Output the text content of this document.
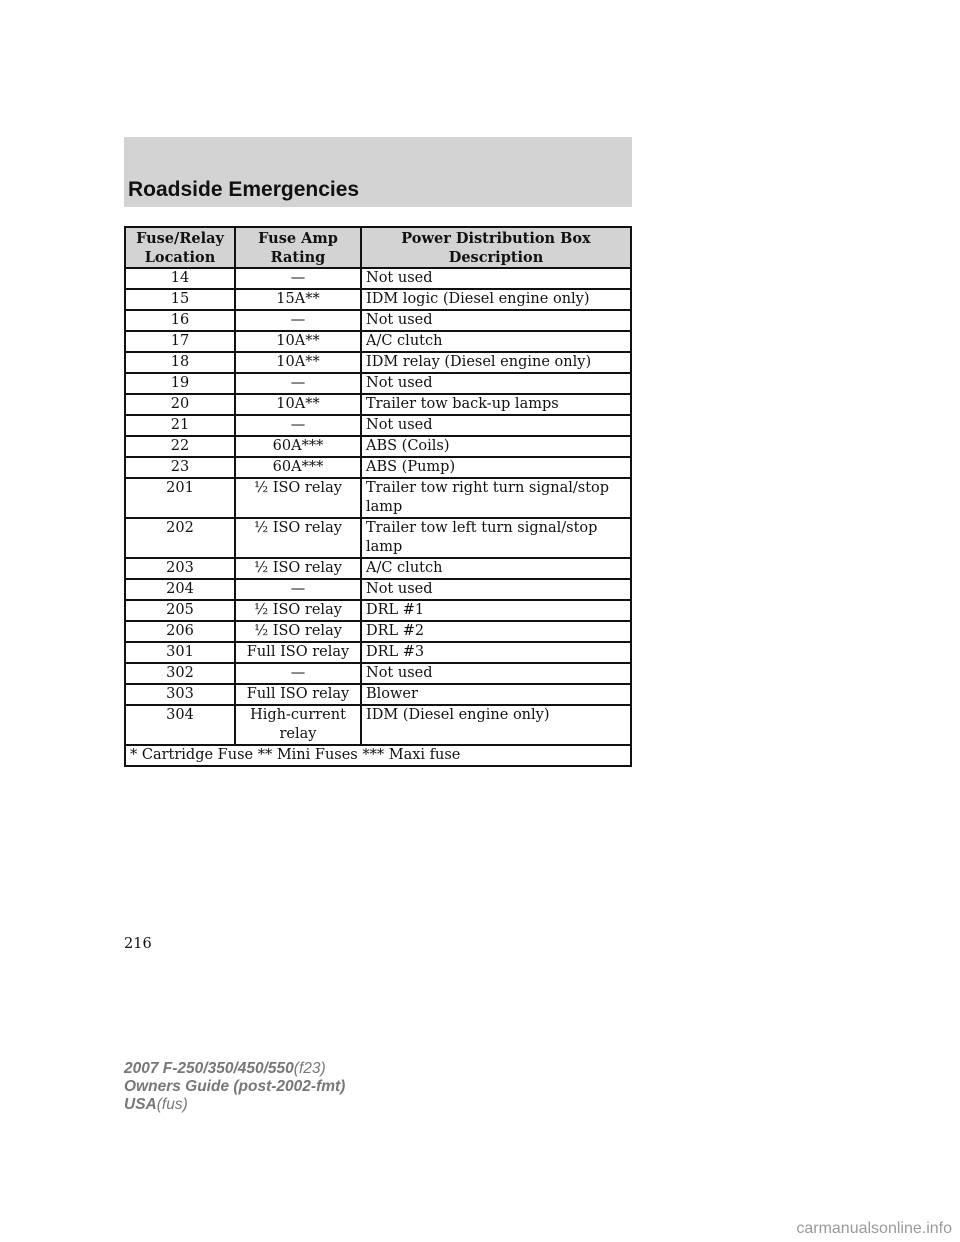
Roadside Emergencies
Fuse/Relay Location	Fuse Amp Rating	Power Distribution Box Description
14	—	Not used
15	15A**	IDM logic (Diesel engine only)
16	—	Not used
17	10A**	A/C clutch
18	10A**	IDM relay (Diesel engine only)
19	—	Not used
20	10A**	Trailer tow back-up lamps
21	—	Not used
22	60A***	ABS (Coils)
23	60A***	ABS (Pump)
201	½ ISO relay	Trailer tow right turn signal/stop lamp
202	½ ISO relay	Trailer tow left turn signal/stop lamp
203	½ ISO relay	A/C clutch
204	—	Not used
205	½ ISO relay	DRL #1
206	½ ISO relay	DRL #2
301	Full ISO relay	DRL #3
302	—	Not used
303	Full ISO relay	Blower
304	High-current relay	IDM (Diesel engine only)
* Cartridge Fuse ** Mini Fuses *** Maxi fuse		
216
2007 F-250/350/450/550(f23)
Owners Guide (post-2002-fmt)
USA(fus)
carmanualsonline.info
